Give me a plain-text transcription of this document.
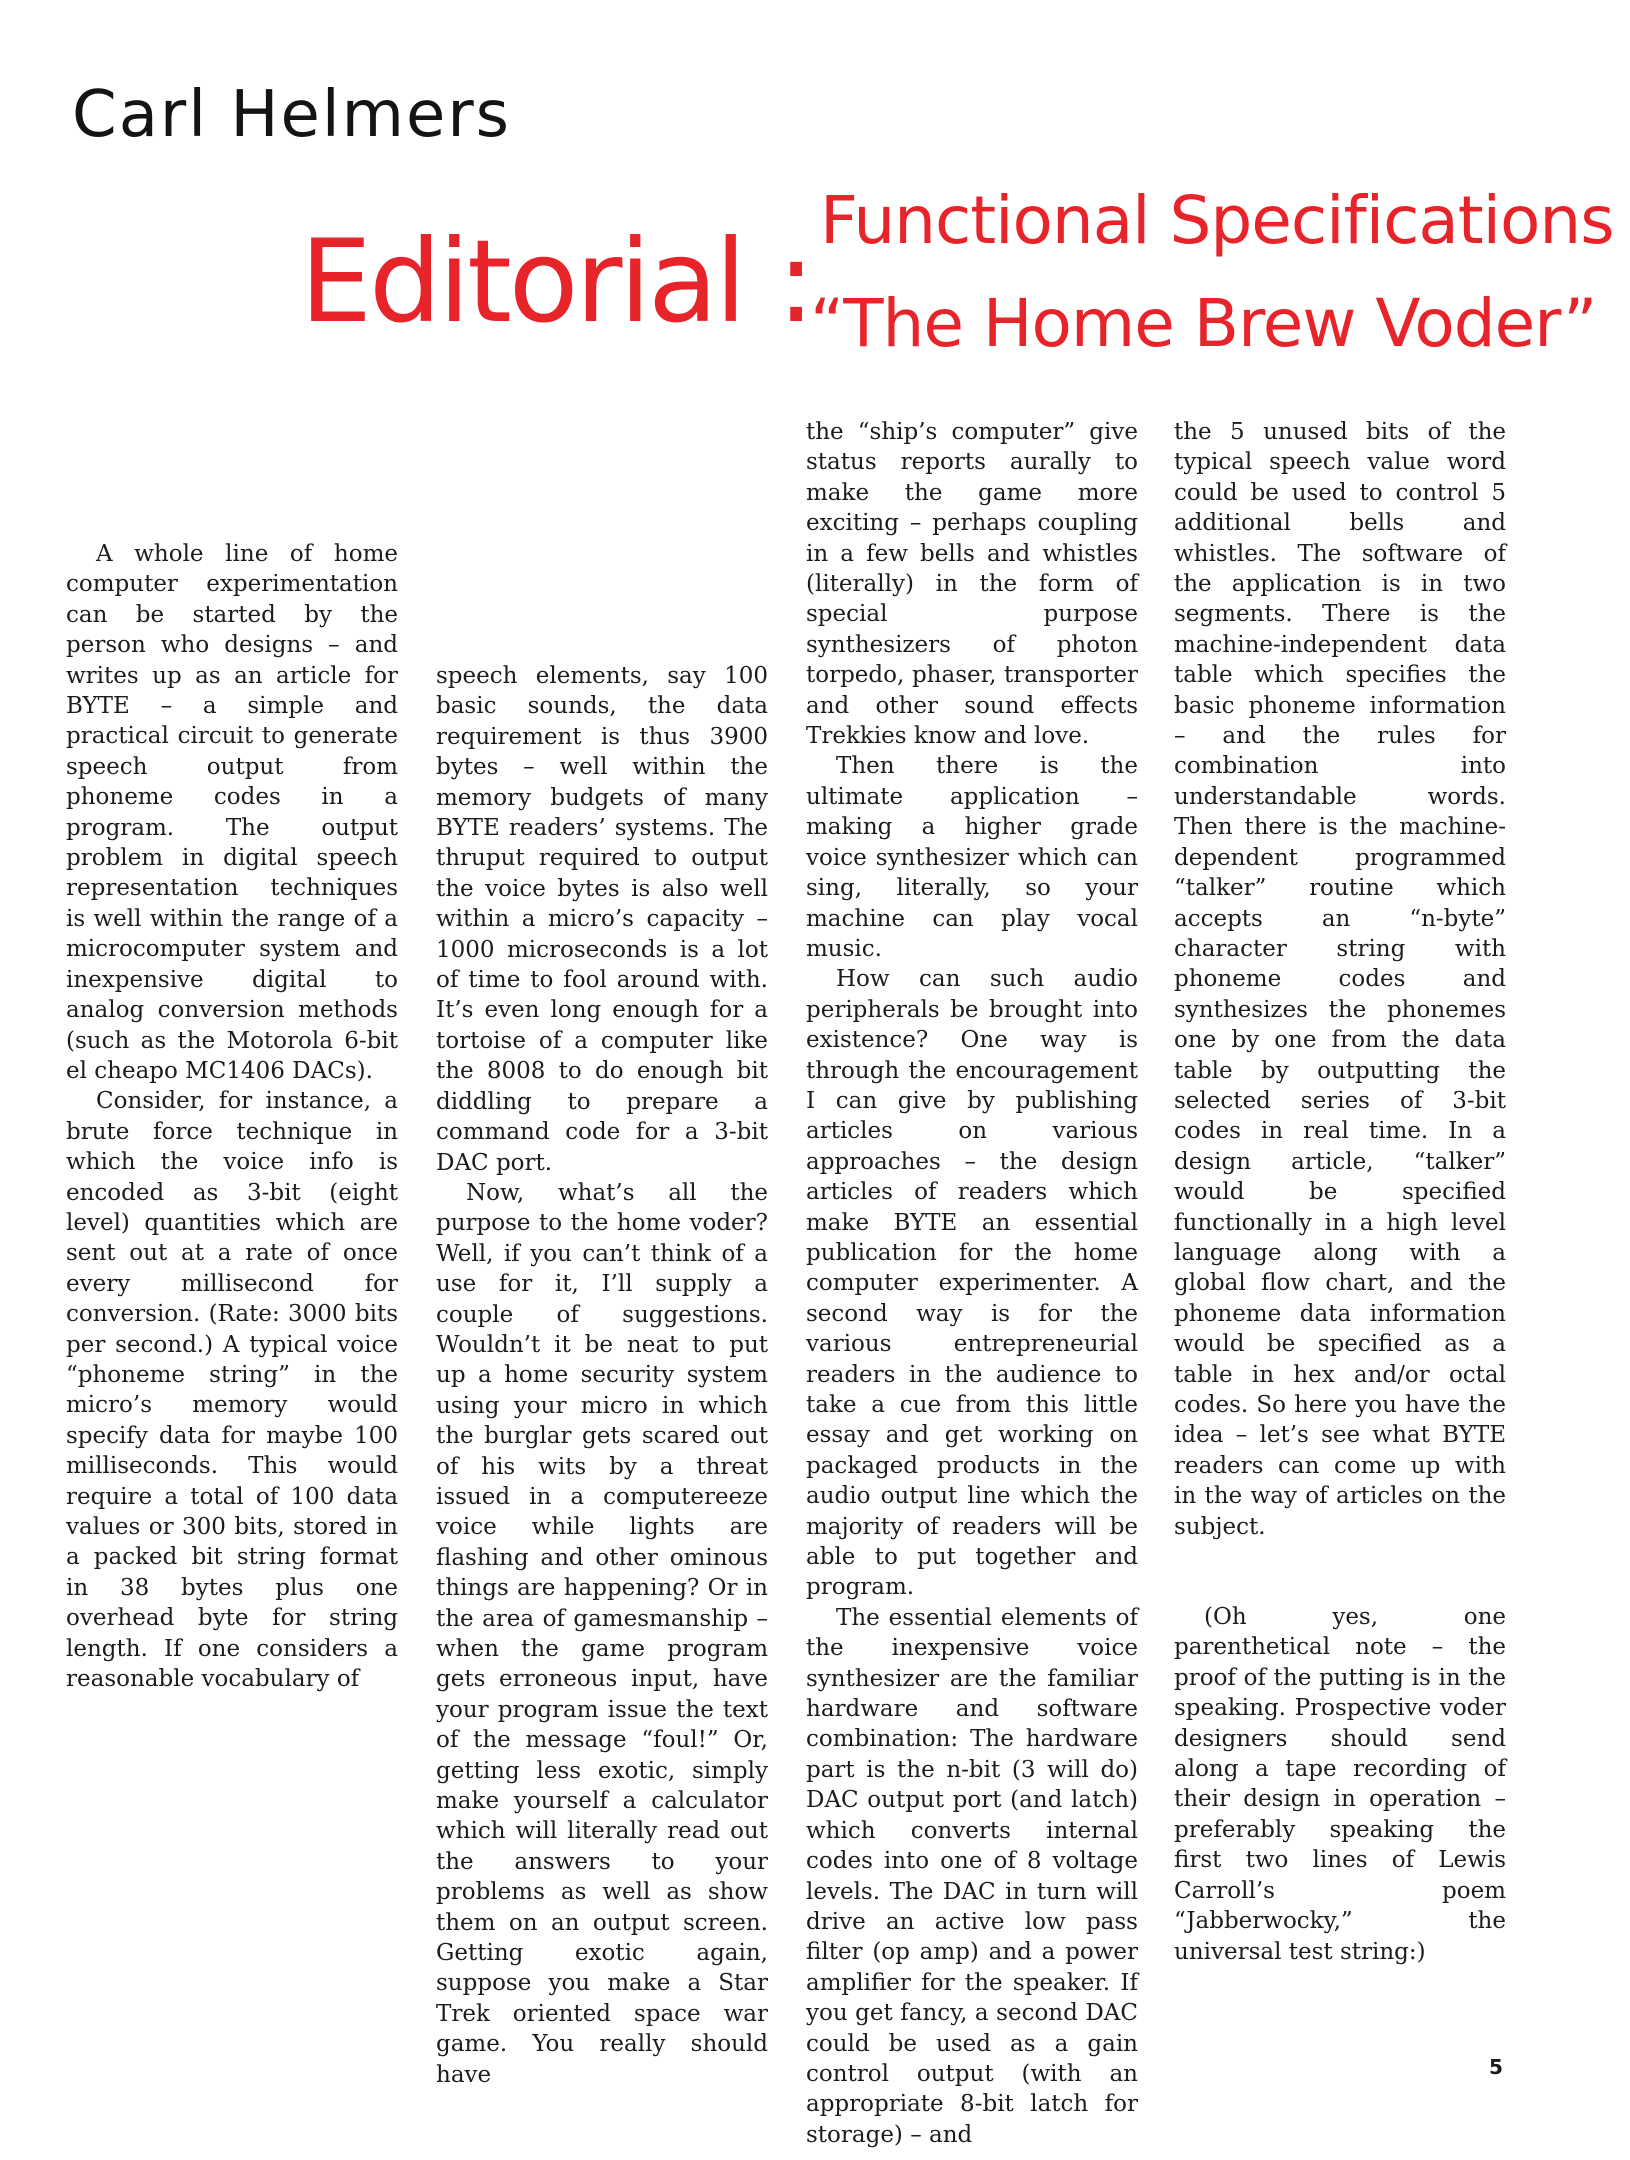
Carl Helmers
Editorial : Functional Specifications
“The Home Brew Voder”

A whole line of home computer experimentation can be started by the person who designs – and writes up as an article for BYTE – a simple and practical circuit to generate speech output from phoneme codes in a program. The output problem in digital speech representation techniques is well within the range of a microcomputer system and inexpensive digital to analog conversion methods (such as the Motorola 6-bit el cheapo MC1406 DACs).

Consider, for instance, a brute force technique in which the voice info is encoded as 3-bit (eight level) quantities which are sent out at a rate of once every millisecond for conversion. (Rate: 3000 bits per second.) A typical voice “phoneme string” in the micro’s memory would specify data for maybe 100 milliseconds. This would require a total of 100 data values or 300 bits, stored in a packed bit string format in 38 bytes plus one overhead byte for string length. If one considers a reasonable vocabulary of

speech elements, say 100 basic sounds, the data requirement is thus 3900 bytes – well within the memory budgets of many BYTE readers’ systems. The thruput required to output the voice bytes is also well within a micro’s capacity – 1000 microseconds is a lot of time to fool around with. It’s even long enough for a tortoise of a computer like the 8008 to do enough bit diddling to prepare a command code for a 3-bit DAC port.

Now, what’s all the purpose to the home voder? Well, if you can’t think of a use for it, I’ll supply a couple of suggestions. Wouldn’t it be neat to put up a home security system using your micro in which the burglar gets scared out of his wits by a threat issued in a computereeze voice while lights are flashing and other ominous things are happening? Or in the area of gamesmanship – when the game program gets erroneous input, have your program issue the text of the message “foul!” Or, getting less exotic, simply make yourself a calculator which will literally read out the answers to your problems as well as show them on an output screen. Getting exotic again, suppose you make a Star Trek oriented space war game. You really should have

the “ship’s computer” give status reports aurally to make the game more exciting – perhaps coupling in a few bells and whistles (literally) in the form of special purpose synthesizers of photon torpedo, phaser, transporter and other sound effects Trekkies know and love.

Then there is the ultimate application – making a higher grade voice synthesizer which can sing, literally, so your machine can play vocal music.

How can such audio peripherals be brought into existence? One way is through the encouragement I can give by publishing articles on various approaches – the design articles of readers which make BYTE an essential publication for the home computer experimenter. A second way is for the various entrepreneurial readers in the audience to take a cue from this little essay and get working on packaged products in the audio output line which the majority of readers will be able to put together and program.

The essential elements of the inexpensive voice synthesizer are the familiar hardware and software combination: The hardware part is the n-bit (3 will do) DAC output port (and latch) which converts internal codes into one of 8 voltage levels. The DAC in turn will drive an active low pass filter (op amp) and a power amplifier for the speaker. If you get fancy, a second DAC could be used as a gain control output (with an appropriate 8-bit latch for storage) – and

the 5 unused bits of the typical speech value word could be used to control 5 additional bells and whistles. The software of the application is in two segments. There is the machine-independent data table which specifies the basic phoneme information – and the rules for combination into understandable words. Then there is the machine-dependent programmed “talker” routine which accepts an “n-byte” character string with phoneme codes and synthesizes the phonemes one by one from the data table by outputting the selected series of 3-bit codes in real time. In a design article, “talker” would be specified functionally in a high level language along with a global flow chart, and the phoneme data information would be specified as a table in hex and/or octal codes. So here you have the idea – let’s see what BYTE readers can come up with in the way of articles on the subject.

(Oh yes, one parenthetical note – the proof of the putting is in the speaking. Prospective voder designers should send along a tape recording of their design in operation – preferably speaking the first two lines of Lewis Carroll’s poem “Jabberwocky,” the universal test string:)

5
